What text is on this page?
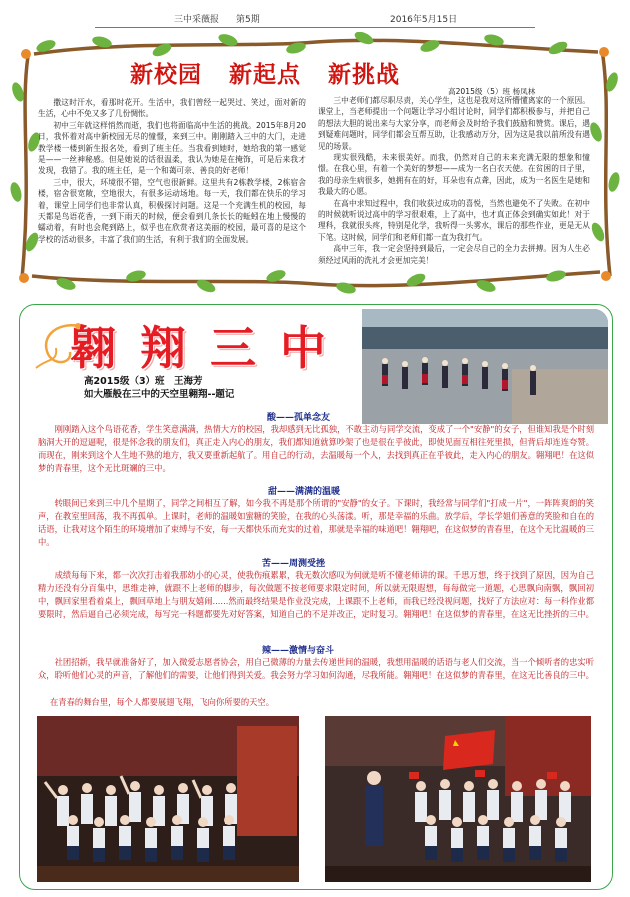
三中采薇报 第5期	2016年5月15日
新校园 新起点 新挑战
高2015级（5）班 杨凤林

撒这时汗水，看那时花开。生活中，我们曾经一起哭过、笑过，面对新的生活，心中不免又多了几份惆怅。

初中三年就这样悄然而逝，我们也将面临高中生活的挑战。2015年8月20日，我怀着对高中新校园无尽的憧憬，来到三中。刚刚踏入三中的大门，走进教学楼一楼到新生报名处，看到了班主任。当我看到她时，她给我的第一感觉是——一丝神秘感。但是她说的话很温柔，我认为她是在掩饰，可是后来我才发现，我错了。我的班主任，是一个和蔼可亲、善良的好老师！

三中，很大，环境很不错，空气也很新鲜。这里共有2栋教学楼，2栋宿舍楼，宿舍很宽敞，空地很大，有很多运动场地。每一天，我们都在快乐的学习着，课堂上同学们也非常认真，积极探讨问题。这是一个充满生机的校园，每天都是鸟语花香，一到下雨天的时候，便会看到几条长长的蚯蚓在地上慢慢的蠕动着，有时也会爬到路上，似乎也在欣赏者这美丽的校园，最可喜的是这个学校的活动很多，丰富了我们的生活，有利于我们的全面发展。

三中老师们都尽职尽责，关心学生，这也是我对这所懵懂离家的一个原因。课堂上，当老师提出一个问题让学习小组讨论时，同学们都积极参与，并把自己的想法大胆的说出来与大家分享，而老师会及时给予我们鼓励和赞赏。课后，遇到疑难问题时，同学们都会互帮互助，让我感动万分，因为这是我以前所没有遇见的场景。

现实很残酷，未来很美好。而我，仍然对自己的未来充满无限的想象和憧憬。在我心里，有着一个美好的梦想——成为一名白衣天使。在贫困的日子里，我的母亲生病很多，她拥有在的好，耳朵也有点聋，因此，成为一名医生是她和我最大的心愿。

在高中求知过程中，我们收获过成功的喜悦，当然也避免不了失败。在初中的时候就听说过高中的学习很艰难，上了高中，也才真正体会到确实如此！对于理科，我就很头疼，特别是化学，我听得一头雾水，课后的那些作业，更是无从下笔。这时候，同学们和老师们都一直为我打气。

高中三年，我一定会坚持到最后，一定会尽自己的全力去拼搏。因为人生必须经过风雨的洗礼才会更加完美！

翱翔三中
高2015级（3）班　王海芳
如大雁般在三中的天空里翱翔--题记
酸——孤单念友

刚刚踏入这个鸟语花香，学生笑意满满，热情大方的校园，我却感到无比孤独，不敢主动与同学交流，变成了一个"安静"的女子，但谁知我是个时刻脑洞大开的逗逼呢，很是怀念我的朋友们，真正走入内心的朋友，我们都知道就算吵架了也是很在乎彼此，即使见面互相往死里损，但背后却连连夸赞。而现在，刚来到这个人生地不熟的地方，我又要重新起航了。用自己的行动，去温暖每一个人，去找到真正在乎彼此，走入内心的朋友。翱翔吧！在这似梦的青春里，这个无比斑斓的三中。

甜——满满的温暖

转眼间已来到三中几个星期了，同学之间相互了解，如今我不再是那个所谓的"安静"的女子。下课时，我经常与同学们"打成一片"，一阵阵爽朗的笑声，在教室里回荡，我不再孤单。上课时，老师的温暖如蜜糖的笑脸，在我的心头荡漾。听，那是幸福的乐曲。放学后，学长学姐们善意的笑脸和自在的话语，让我对这个陌生的环境增加了束缚与不安，每一天都快乐而充实的过着，那就是幸福的味道吧！翱翔吧，在这似梦的青春里，在这个无比温暖的三中。

苦——周测受挫

成绩每每下来，都一次次打击着我那幼小的心灵，使我伤痕累累，我无数次感叹为何就是听不懂老师讲的课。千思万想，终于找到了原因，因为自己精力还没有分百集中，思维走神，就跟不上老师的脚步，每次做题不按老师要求限定时间，所以就无限遐想，每每做完一道题，心思飘向南飘，飘回初中，飘回家里看着桌上，飘回草地上与朋友嬉闹......然而最终结果是作业没完成，上课跟不上老师，而我已经没视问题，找好了方法应对：每一科作业都要限时，然后逼自己必须完成，每写完一科题都要先对好答案，知道自己的不足并改正，定时复习。翱翔吧！在这似梦的青春里，在这无比挫折的三中。

辣——激情与奋斗

社团招新，我早就准备好了，加入微爱志愿者协会，用自己微薄的力量去传递世间的温暖，我想用温暖的话语与老人们交流，当一个倾听者的忠实听众，聆听他们心灵的声音，了解他们的需要，让他们得到关爱。我会努力学习如何沟通，尽我所能。翱翔吧！在这似梦的青春里，在这无比善良的三中。

在青春的舞台里，每个人都要展翅飞翔，飞向你所要的天空。
